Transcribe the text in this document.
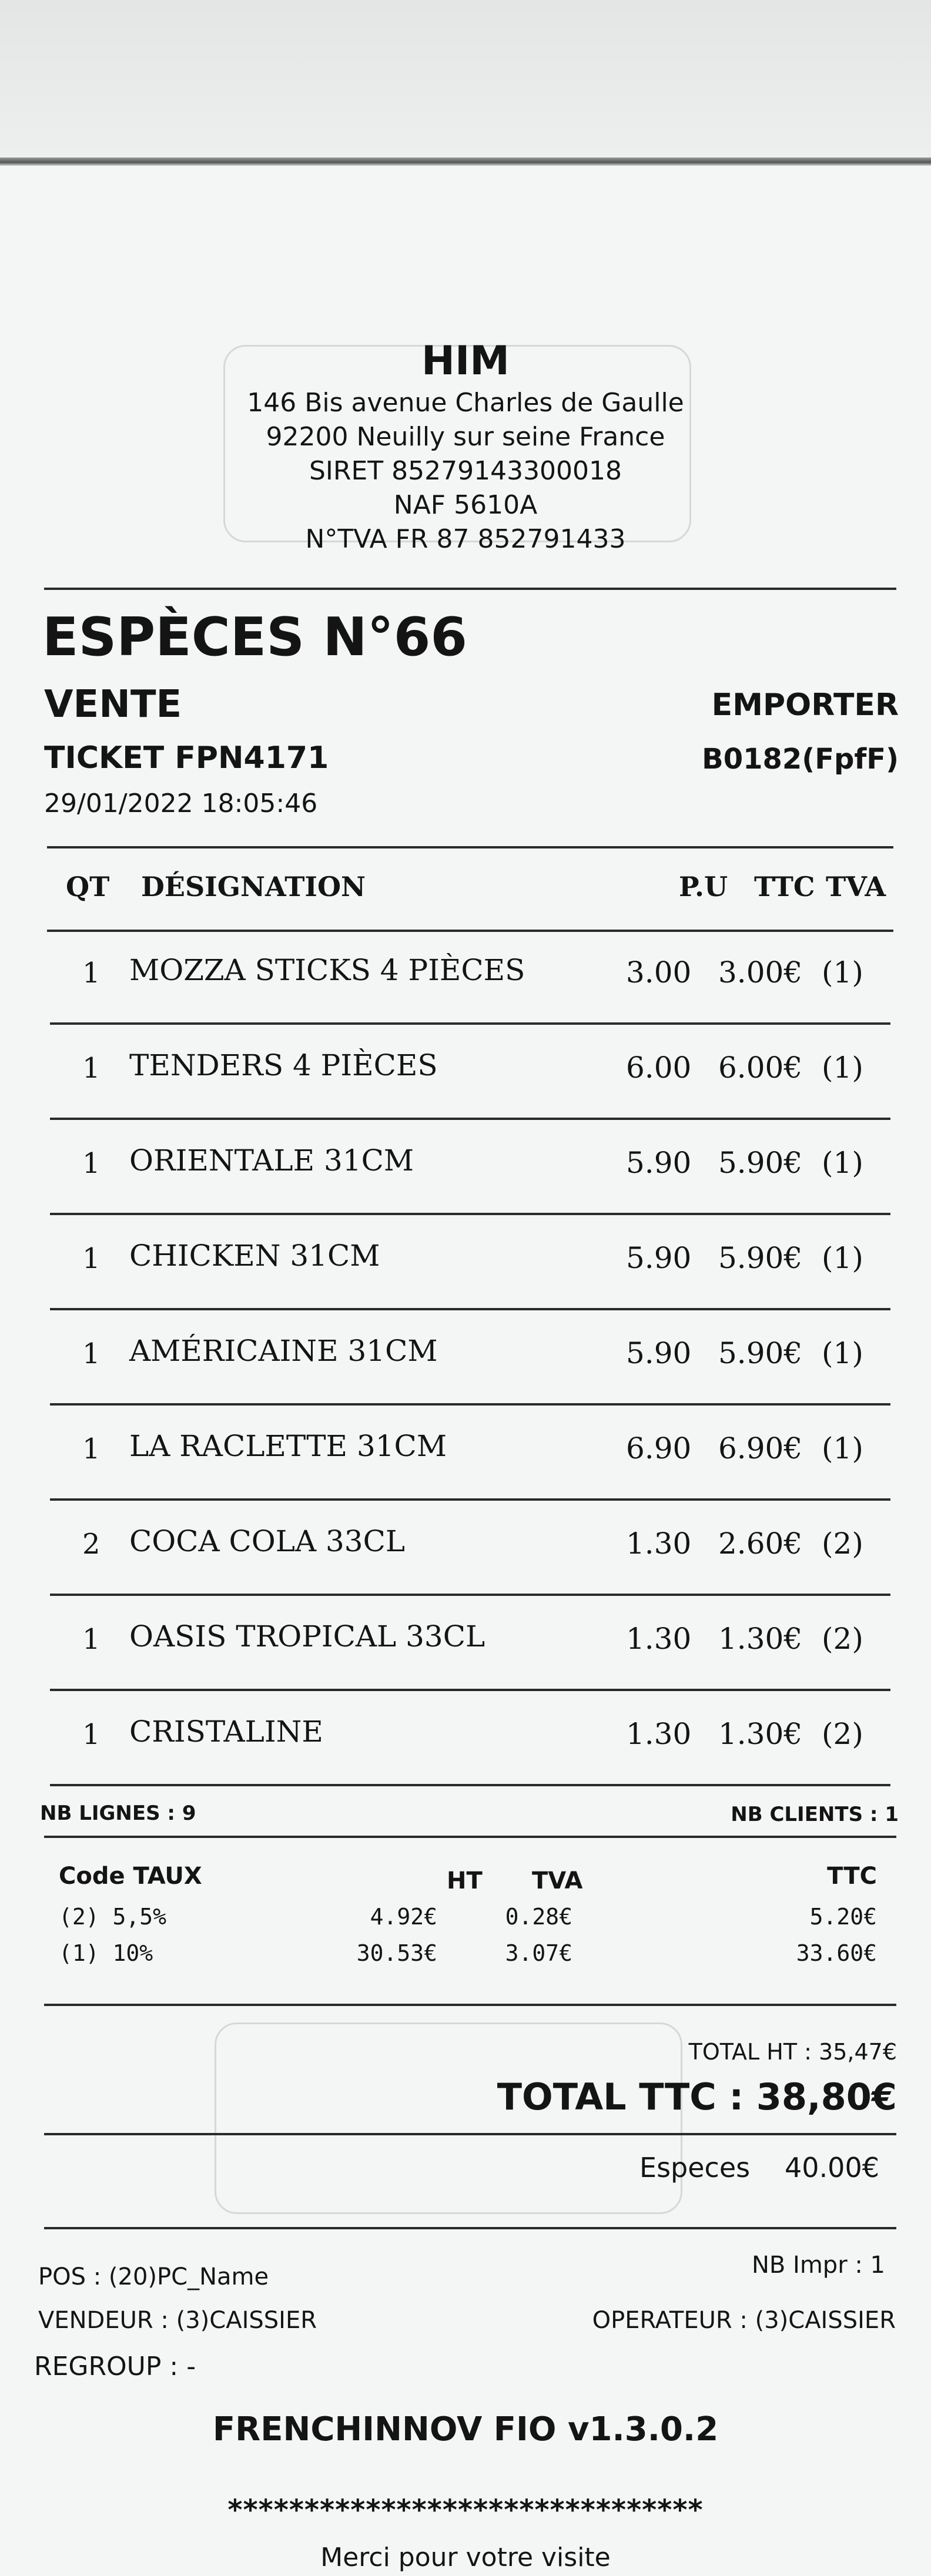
HIM
146 Bis avenue Charles de Gaulle
92200 Neuilly sur seine France
SIRET 85279143300018
NAF 5610A
N°TVA FR 87 852791433
ESPÈCES N°66
VENTE	EMPORTER
TICKET FPN4171	B0182(FpfF)
29/01/2022 18:05:46
QT DÉSIGNATION	P.U TTC TVA
1 MOZZA STICKS 4 PIÈCES	3.00 3.00€ (1)
1 TENDERS 4 PIÈCES	6.00 6.00€ (1)
1 ORIENTALE 31CM	5.90 5.90€ (1)
1 CHICKEN 31CM	5.90 5.90€ (1)
1 AMÉRICAINE 31CM	5.90 5.90€ (1)
1 LA RACLETTE 31CM	6.90 6.90€ (1)
2 COCA COLA 33CL	1.30 2.60€ (2)
1 OASIS TROPICAL 33CL	1.30 1.30€ (2)
1 CRISTALINE	1.30 1.30€ (2)
NB LIGNES : 9	NB CLIENTS : 1
Code TAUX	HT TVA	TTC
(2) 5,5%	4.92€	0.28€	5.20€
(1) 10%	30.53€	3.07€	33.60€
TOTAL HT : 35,47€
TOTAL TTC : 38,80€
Especes 40.00€
POS : (20)PC_Name	NB Impr : 1
VENDEUR : (3)CAISSIER	OPERATEUR : (3)CAISSIER
REGROUP : -
FRENCHINNOV FIO v1.3.0.2
*******************************
Merci pour votre visite
